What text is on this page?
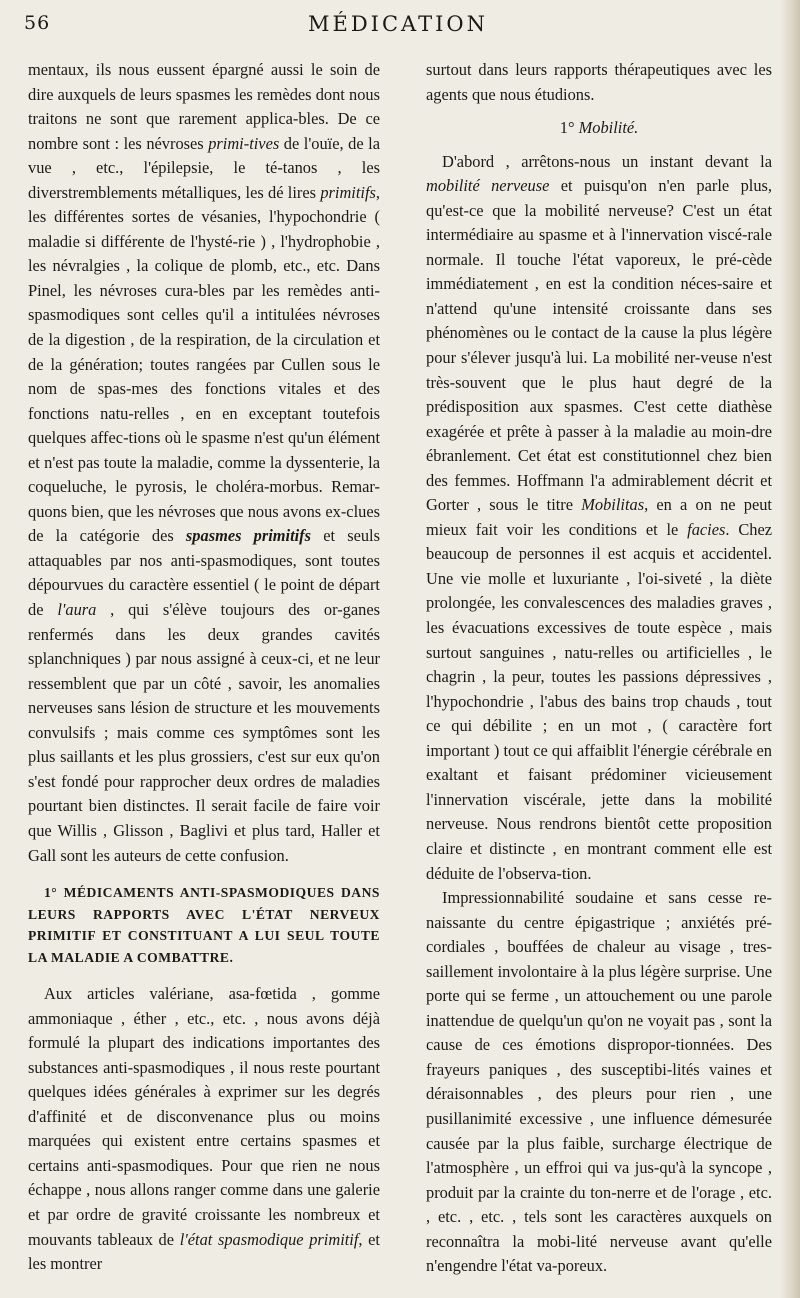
56	MÉDICATION

mentaux, ils nous eussent épargné aussi le soin de dire auxquels de leurs spasmes les remèdes dont nous traitons ne sont que rarement applica-bles. De ce nombre sont : les névroses primi-tives de l'ouïe, de la vue , etc., l'épilepsie, le té-tanos , les diverstremblements métalliques, les dé lires primitifs, les différentes sortes de vésanies, l'hypochondrie ( maladie si différente de l'hysté-rie ) , l'hydrophobie , les névralgies , la colique de plomb, etc., etc. Dans Pinel, les névroses cura-bles par les remèdes anti-spasmodiques sont celles qu'il a intitulées névroses de la digestion , de la respiration, de la circulation et de la génération; toutes rangées par Cullen sous le nom de spas-mes des fonctions vitales et des fonctions natu-relles , en en exceptant toutefois quelques affec-tions où le spasme n'est qu'un élément et n'est pas toute la maladie, comme la dyssenterie, la coqueluche, le pyrosis, le choléra-morbus. Remar-quons bien, que les névroses que nous avons ex-clues de la catégorie des spasmes primitifs et seuls attaquables par nos anti-spasmodiques, sont toutes dépourvues du caractère essentiel ( le point de départ de l'aura , qui s'élève toujours des or-ganes renfermés dans les deux grandes cavités splanchniques ) par nous assigné à ceux-ci, et ne leur ressemblent que par un côté , savoir, les anomalies nerveuses sans lésion de structure et les mouvements convulsifs ; mais comme ces symptômes sont les plus saillants et les plus grossiers, c'est sur eux qu'on s'est fondé pour rapprocher deux ordres de maladies pourtant bien distinctes. Il serait facile de faire voir que Willis , Glisson , Baglivi et plus tard, Haller et Gall sont les auteurs de cette confusion.

1° MÉDICAMENTS ANTI-SPASMODIQUES DANS LEURS RAPPORTS AVEC L'ÉTAT NERVEUX PRIMITIF ET CONSTITUANT A LUI SEUL TOUTE LA MALADIE A COMBATTRE.

Aux articles valériane, asa-fœtida , gomme ammoniaque , éther , etc., etc. , nous avons déjà formulé la plupart des indications importantes des substances anti-spasmodiques , il nous reste pourtant quelques idées générales à exprimer sur les degrés d'affinité et de disconvenance plus ou moins marquées qui existent entre certains spasmes et certains anti-spasmodiques. Pour que rien ne nous échappe , nous allons ranger comme dans une galerie et par ordre de gravité croissante les nombreux et mouvants tableaux de l'état spasmodique primitif, et les montrer

surtout dans leurs rapports thérapeutiques avec les agents que nous étudions.

1° Mobilité.

D'abord , arrêtons-nous un instant devant la mobilité nerveuse et puisqu'on n'en parle plus, qu'est-ce que la mobilité nerveuse? C'est un état intermédiaire au spasme et à l'innervation viscé-rale normale. Il touche l'état vaporeux, le pré-cède immédiatement , en est la condition néces-saire et n'attend qu'une intensité croissante dans ses phénomènes ou le contact de la cause la plus légère pour s'élever jusqu'à lui. La mobilité ner-veuse n'est très-souvent que le plus haut degré de la prédisposition aux spasmes. C'est cette diathèse exagérée et prête à passer à la maladie au moin-dre ébranlement. Cet état est constitutionnel chez bien des femmes. Hoffmann l'a admirablement décrit et Gorter , sous le titre Mobilitas, en a on ne peut mieux fait voir les conditions et le facies. Chez beaucoup de personnes il est acquis et accidentel. Une vie molle et luxuriante , l'oi-siveté , la diète prolongée, les convalescences des maladies graves , les évacuations excessives de toute espèce , mais surtout sanguines , natu-relles ou artificielles , le chagrin , la peur, toutes les passions dépressives , l'hypochondrie , l'abus des bains trop chauds , tout ce qui débilite ; en un mot , ( caractère fort important ) tout ce qui affaiblit l'énergie cérébrale en exaltant et faisant prédominer vicieusement l'innervation viscérale, jette dans la mobilité nerveuse. Nous rendrons bientôt cette proposition claire et distincte , en montrant comment elle est déduite de l'observa-tion.

Impressionnabilité soudaine et sans cesse re-naissante du centre épigastrique ; anxiétés pré-cordiales , bouffées de chaleur au visage , tres-saillement involontaire à la plus légère surprise. Une porte qui se ferme , un attouchement ou une parole inattendue de quelqu'un qu'on ne voyait pas , sont la cause de ces émotions dispropor-tionnées. Des frayeurs paniques , des susceptibi-lités vaines et déraisonnables , des pleurs pour rien , une pusillanimité excessive , une influence démesurée causée par la plus faible, surcharge électrique de l'atmosphère , un effroi qui va jus-qu'à la syncope , produit par la crainte du ton-nerre et de l'orage , etc. , etc. , etc. , tels sont les caractères auxquels on reconnaîtra la mobi-lité nerveuse avant qu'elle n'engendre l'état va-poreux.
